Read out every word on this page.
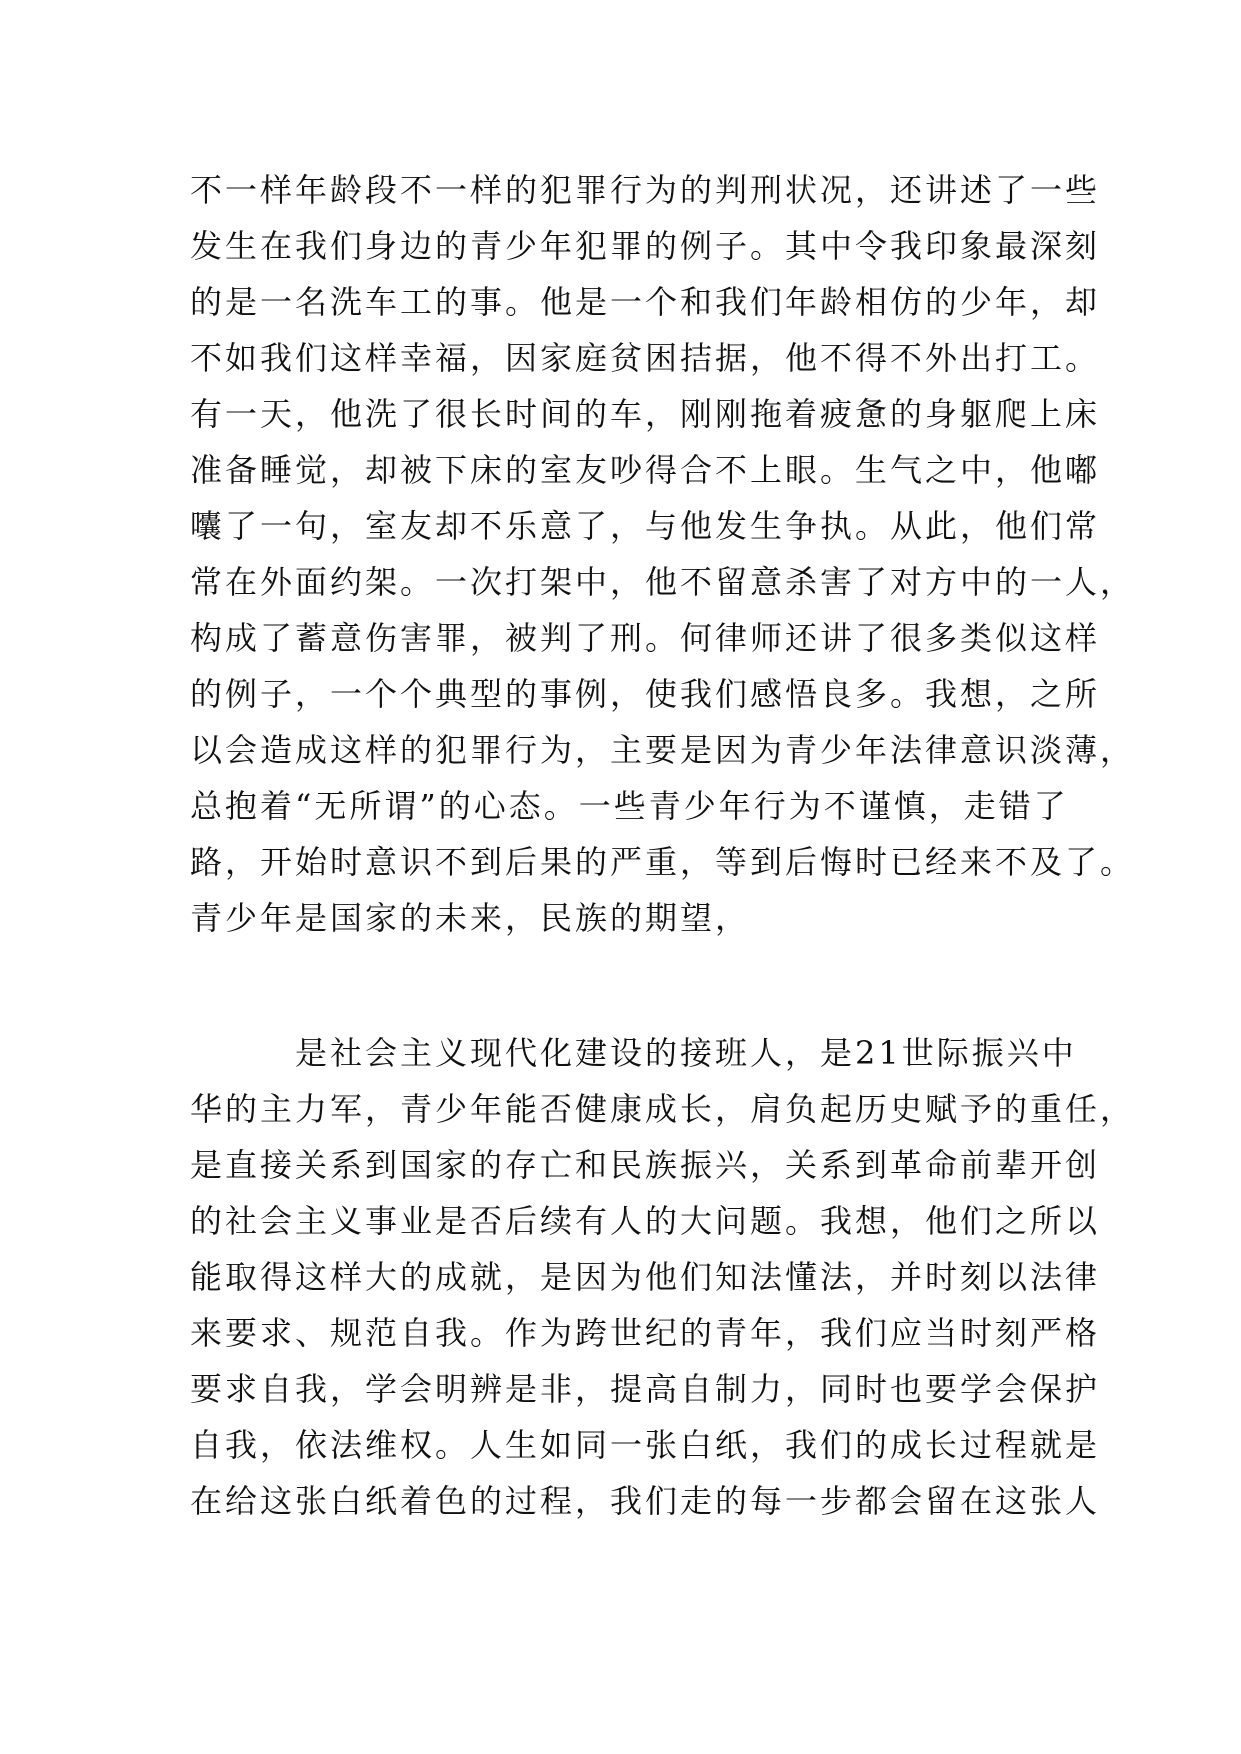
不一样年龄段不一样的犯罪行为的判刑状况，还讲述了一些
发生在我们身边的青少年犯罪的例子。其中令我印象最深刻
的是一名洗车工的事。他是一个和我们年龄相仿的少年，却
不如我们这样幸福，因家庭贫困拮据，他不得不外出打工。
有一天，他洗了很长时间的车，刚刚拖着疲惫的身躯爬上床
准备睡觉，却被下床的室友吵得合不上眼。生气之中，他嘟
囔了一句，室友却不乐意了，与他发生争执。从此，他们常
常在外面约架。一次打架中，他不留意杀害了对方中的一人，
构成了蓄意伤害罪，被判了刑。何律师还讲了很多类似这样
的例子，一个个典型的事例，使我们感悟良多。我想，之所
以会造成这样的犯罪行为，主要是因为青少年法律意识淡薄，
总抱着“无所谓”的心态。一些青少年行为不谨慎，走错了
路，开始时意识不到后果的严重，等到后悔时已经来不及了。
青少年是国家的未来，民族的期望，
是社会主义现代化建设的接班人，是21世际振兴中
华的主力军，青少年能否健康成长，肩负起历史赋予的重任，
是直接关系到国家的存亡和民族振兴，关系到革命前辈开创
的社会主义事业是否后续有人的大问题。我想，他们之所以
能取得这样大的成就，是因为他们知法懂法，并时刻以法律
来要求、规范自我。作为跨世纪的青年，我们应当时刻严格
要求自我，学会明辨是非，提高自制力，同时也要学会保护
自我，依法维权。人生如同一张白纸，我们的成长过程就是
在给这张白纸着色的过程，我们走的每一步都会留在这张人
